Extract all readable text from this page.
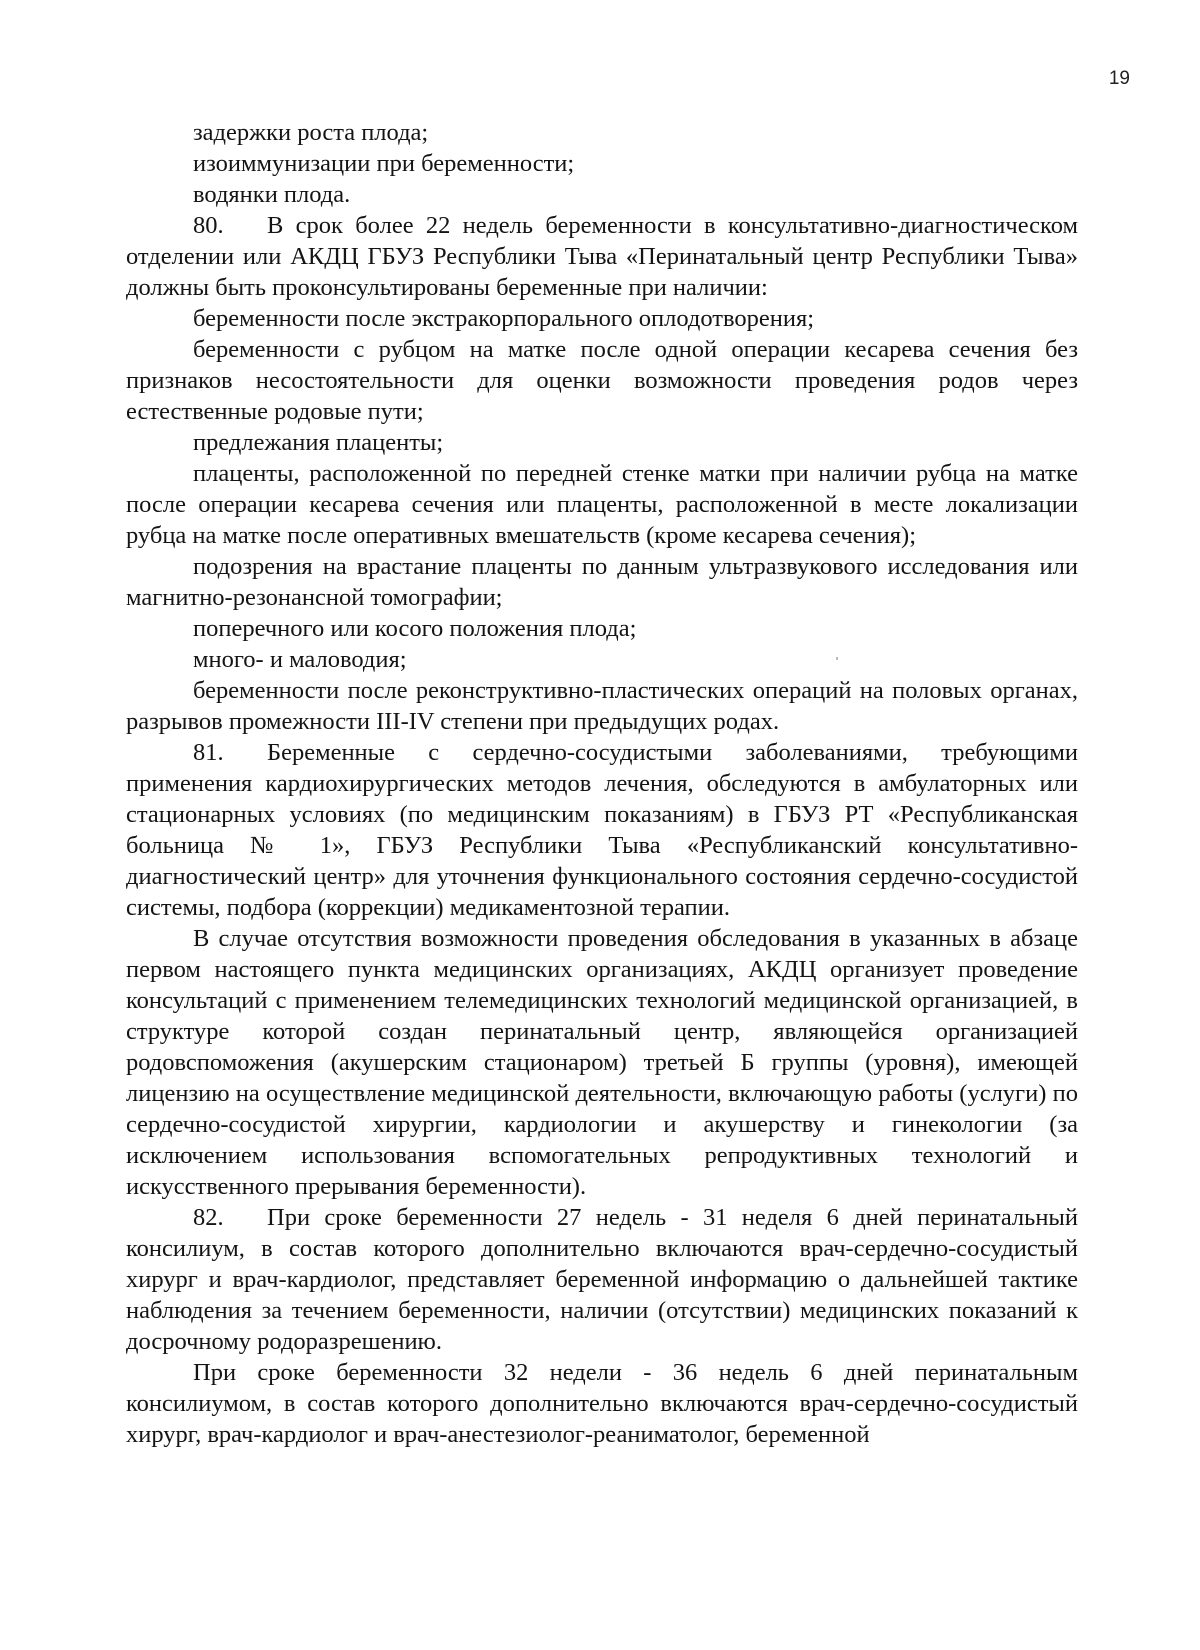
19

задержки роста плода;

изоиммунизации при беременности;

водянки плода.

80. В срок более 22 недель беременности в консультативно-диагностическом отделении или АКДЦ ГБУЗ Республики Тыва «Перинатальный центр Республики Тыва» должны быть проконсультированы беременные при наличии:

беременности после экстракорпорального оплодотворения;

беременности с рубцом на матке после одной операции кесарева сечения без признаков несостоятельности для оценки возможности проведения родов через естественные родовые пути;

предлежания плаценты;

плаценты, расположенной по передней стенке матки при наличии рубца на матке после операции кесарева сечения или плаценты, расположенной в месте локализации рубца на матке после оперативных вмешательств (кроме кесарева сечения);

подозрения на врастание плаценты по данным ультразвукового исследования или магнитно-резонансной томографии;

поперечного или косого положения плода;

много- и маловодия;

беременности после реконструктивно-пластических операций на половых органах, разрывов промежности III-IV степени при предыдущих родах.

81. Беременные с сердечно-сосудистыми заболеваниями, требующими применения кардиохирургических методов лечения, обследуются в амбулаторных или стационарных условиях (по медицинским показаниям) в ГБУЗ РТ «Республиканская больница № 1», ГБУЗ Республики Тыва «Республиканский консультативно-диагностический центр» для уточнения функционального состояния сердечно-сосудистой системы, подбора (коррекции) медикаментозной терапии.

В случае отсутствия возможности проведения обследования в указанных в абзаце первом настоящего пункта медицинских организациях, АКДЦ организует проведение консультаций с применением телемедицинских технологий медицинской организацией, в структуре которой создан перинатальный центр, являющейся организацией родовспоможения (акушерским стационаром) третьей Б группы (уровня), имеющей лицензию на осуществление медицинской деятельности, включающую работы (услуги) по сердечно-сосудистой хирургии, кардиологии и акушерству и гинекологии (за исключением использования вспомогательных репродуктивных технологий и искусственного прерывания беременности).

82. При сроке беременности 27 недель - 31 неделя 6 дней перинатальный консилиум, в состав которого дополнительно включаются врач-сердечно-сосудистый хирург и врач-кардиолог, представляет беременной информацию о дальнейшей тактике наблюдения за течением беременности, наличии (отсутствии) медицинских показаний к досрочному родоразрешению.

При сроке беременности 32 недели - 36 недель 6 дней перинатальным консилиумом, в состав которого дополнительно включаются врач-сердечно-сосудистый хирург, врач-кардиолог и врач-анестезиолог-реаниматолог, беременной
